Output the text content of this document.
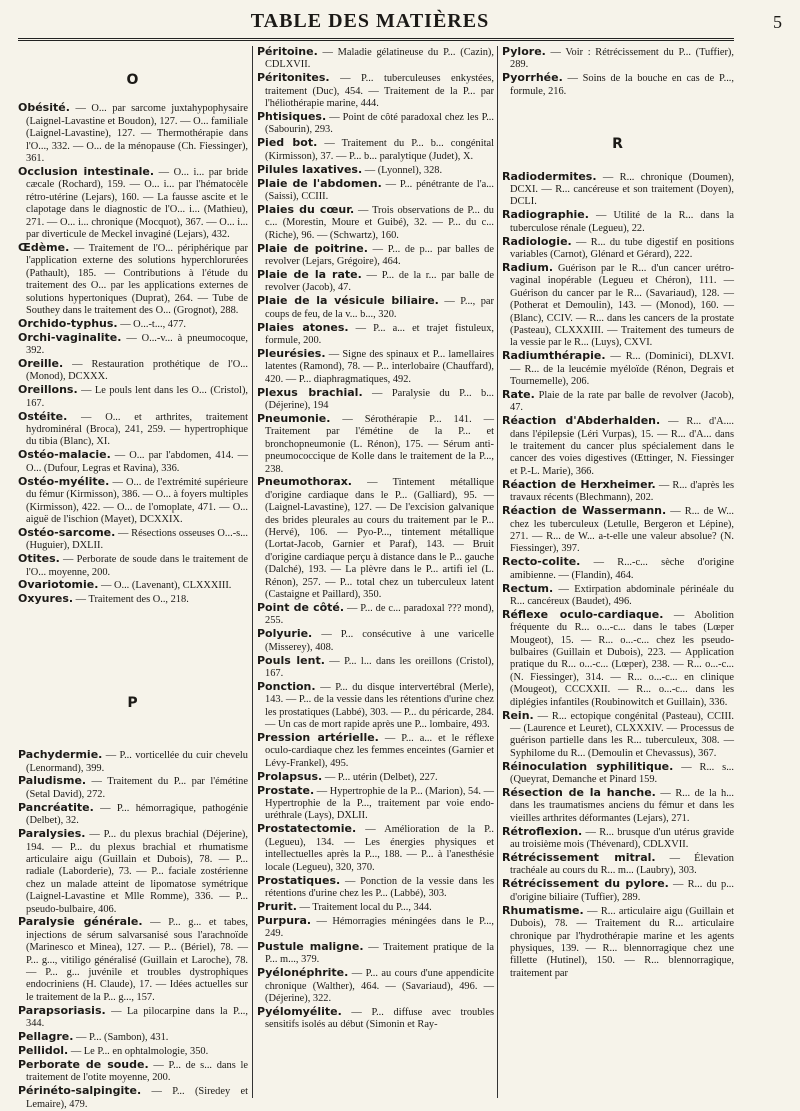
TABLE DES MATIÈRES	5
O
Obésité. — O... par sarcome juxtahypophysaire (Laignel-Lavastine et Boudon), 127. — O... familiale (Laignel-Lavastine), 127. — Thermothérapie dans l'O..., 332. — O... de la ménopause (Ch. Fiessinger), 361.
Occlusion intestinale. — O... i... par bride cæcale (Rochard), 159. — O... i... par l'hématocèle rétro-utérine (Lejars), 160. — La fausse ascite et le clapotage dans le diagnostic de l'O... i... (Mathieu), 271. — O... i... chronique (Mocquot), 367. — O... i... par diverticule de Meckel invaginé (Lejars), 432.
Œdème. — Traitement de l'O... périphérique par l'application externe des solutions hyperchlorurées (Pathault), 185. — Contributions à l'étude du traitement des O... par les applications externes de solutions hypertoniques (Duprat), 264. — Tube de Southey dans le traitement des O... (Grognot), 288.
Orchido-typhus. — O...-t..., 477.
Orchi-vaginalite. — O...-v... à pneumocoque, 392.
Oreille. — Restauration prothétique de l'O... (Monod), DCXXX.
Oreillons. — Le pouls lent dans les O... (Cristol), 167.
Ostéite. — O... et arthrites, traitement hydrominéral (Broca), 241, 259. — hypertrophique du tibia (Blanc), XI.
Ostéo-malacie. — O... par l'abdomen, 414. — O... (Dufour, Legras et Ravina), 336.
Ostéo-myélite. — O... de l'extrémité supérieure du fémur (Kirmisson), 386. — O... à foyers multiples (Kirmisson), 422. — O... de l'omoplate, 471. — O... aiguë de l'ischion (Mayet), DCXXIX.
Ostéo-sarcome. — Résections osseuses O...-s... (Huguier), DXLII.
Otites. — Perborate de soude dans le traitement de l'O... moyenne, 200.
Ovariotomie. — O... (Lavenant), CLXXXIII.
Oxyures. — Traitement des O.., 218.
P
Pachydermie. — P... vorticellée du cuir chevelu (Lenormand), 399.
Paludisme. — Traitement du P... par l'émétine (Setal David), 272.
Pancréatite. — P... hémorragique, pathogénie (Delbet), 32.
Paralysies. — P... du plexus brachial (Déjerine), 194. — P... du plexus brachial et rhumatisme articulaire aigu (Guillain et Dubois), 78. — P... radiale (Laborderie), 73. — P... faciale zostérienne chez un malade atteint de lipomatose symétrique (Laignel-Lavastine et Mlle Romme), 336. — P... pseudo-bulbaire, 406.
Paralysie générale. — P... g... et tabes, injections de sérum salvarsanisé sous l'arachnoïde (Marinesco et Minea), 127. — P... (Bériel), 78. — P... g..., vitiligo généralisé (Guillain et Laroche), 78. — P... g... juvénile et troubles dystrophiques endocriniens (H. Claude), 17. — Idées actuelles sur le traitement de la P... g..., 157.
Parapsoriasis. — La pilocarpine dans la P..., 344.
Pellagre. — P... (Sambon), 431.
Pellidol. — Le P... en ophtalmologie, 350.
Perborate de soude. — P... de s... dans le traitement de l'otite moyenne, 200.
Périnéto-salpingite. — P... (Siredey et Lemaire), 479.
Péritoine. — Maladie gélatineuse du P... (Cazin), CDLXVII.
Péritonites. — P... tuberculeuses enkystées, traitement (Duc), 454. — Traitement de la P... par l'héliothérapie marine, 444.
Phtisiques. — Point de côté paradoxal chez les P... (Sabourin), 293.
Pied bot. — Traitement du P... b... congénital (Kirmisson), 37. — P... b... paralytique (Judet), X.
Pilules laxatives. — (Lyonnel), 328.
Plaie de l'abdomen. — P... pénétrante de l'a... (Saissi), CCIII.
Plaies du cœur. — Trois observations de P... du c... (Morestin, Moure et Guibé), 32. — P... du c... (Riche), 96. — (Schwartz), 160.
Plaie de poitrine. — P... de p... par balles de revolver (Lejars, Grégoire), 464.
Plaie de la rate. — P... de la r... par balle de revolver (Jacob), 47.
Plaie de la vésicule biliaire. — P..., par coups de feu, de la v... b..., 320.
Plaies atones. — P... a... et trajet fistuleux, formule, 200.
Pleurésies. — Signe des spinaux et P... lamellaires latentes (Ramond), 78. — P... interlobaire (Chauffard), 420. — P... diaphragmatiques, 492.
Plexus brachial. — Paralysie du P... b... (Déjerine), 194
Pneumonie. — Sérothérapie P... 141. — Traitement par l'émétine de la P... et bronchopneumonie (L. Rénon), 175. — Sérum anti-pneumococcique de Kolle dans le traitement de la P..., 238.
Pneumothorax. — Tintement métallique d'origine cardiaque dans le P... (Galliard), 95. — (Laignel-Lavastine), 127. — De l'excision galvanique des brides pleurales au cours du traitement par le P... (Hervé), 106. — Pyo-P..., tintement métallique (Lortat-Jacob, Garnier et Paraf), 143. — Bruit d'origine cardiaque perçu à distance dans le P... gauche (Dalché), 193. — La plèvre dans le P... artifi iel (L. Rénon), 257. — P... total chez un tuberculeux latent (Castaigne et Paillard), 350.
Point de côté. — P... de c... paradoxal ??? mond), 255.
Polyurie. — P... consécutive à une varicelle (Misserey), 408.
Pouls lent. — P... l... dans les oreillons (Cristol), 167.
Ponction. — P... du disque intervertébral (Merle), 143. — P... de la vessie dans les rétentions d'urine chez les prostatiques (Labbé), 303. — P... du péricarde, 284. — Un cas de mort rapide après une P... lombaire, 493.
Pression artérielle. — P... a... et le réflexe oculo-cardiaque chez les femmes enceintes (Garnier et Lévy-Frankel), 495.
Prolapsus. — P... utérin (Delbet), 227.
Prostate. — Hypertrophie de la P... (Marion), 54. — Hypertrophie de la P..., traitement par voie endo-uréthrale (Lays), DXLII.
Prostatectomie. — Amélioration de la P.. (Legueu), 134. — Les énergies physiques et intellectuelles après la P..., 188. — P... à l'anesthésie locale (Legueu), 320, 370.
Prostatiques. — Ponction de la vessie dans les rétentions d'urine chez les P... (Labbé), 303.
Prurit. — Traitement local du P..., 344.
Purpura. — Hémorragies méningées dans le P..., 249.
Pustule maligne. — Traitement pratique de la P... m..., 379.
Pyélonéphrite. — P... au cours d'une appendicite chronique (Walther), 464. — (Savariaud), 496. — (Déjerine), 322.
Pyélomyélite. — P... diffuse avec troubles sensitifs isolés au début (Simonin et Ray-
Pylore. — Voir : Rétrécissement du P... (Tuffier), 289.
Pyorrhée. — Soins de la bouche en cas de P..., formule, 216.
R
Radiodermites. — R... chronique (Doumen), DCXI. — R... cancéreuse et son traitement (Doyen), DCLI.
Radiographie. — Utilité de la R... dans la tuberculose rénale (Legueu), 22.
Radiologie. — R... du tube digestif en positions variables (Carnot), Glénard et Gérard), 222.
Radium. Guérison par le R... d'un cancer urétro-vaginal inopérable (Legueu et Chéron), 111. — Guérison du cancer par le R... (Savariaud), 128. — (Potherat et Demoulin), 143. — (Monod), 160. — (Blanc), CCIV. — R... dans les cancers de la prostate (Pasteau), CLXXXIII. — Traitement des tumeurs de la vessie par le R... (Luys), CXVI.
Radiumthérapie. — R... (Dominici), DLXVI. — R... de la leucémie myéloïde (Rénon, Degrais et Tournemelle), 206.
Rate. Plaie de la rate par balle de revolver (Jacob), 47.
Réaction d'Abderhalden. — R... d'A.... dans l'épilepsie (Léri Vurpas), 15. — R... d'A... dans le traitement du cancer plus spécialement dans le cancer des voies digestives (Œttinger, N. Fiessinger et P.-L. Marie), 366.
Réaction de Herxheimer. — R... d'après les travaux récents (Blechmann), 202.
Réaction de Wassermann. — R... de W... chez les tuberculeux (Letulle, Bergeron et Lépine), 271. — R... de W... a-t-elle une valeur absolue? (N. Fiessinger), 397.
Recto-colite. — R...-c... sèche d'origine amibienne. — (Flandin), 464.
Rectum. — Extirpation abdominale périnéale du R... cancéreux (Baudet), 496.
Réflexe oculo-cardiaque. — Abolition fréquente du R... o...-c... dans le tabes (Lœper Mougeot), 15. — R... o...-c... chez les pseudo-bulbaires (Guillain et Dubois), 223. — Application pratique du R... o...-c... (Lœper), 238. — R... o...-c... (N. Fiessinger), 314. — R... o...-c... en clinique (Mougeot), CCCXXII. — R... o...-c... dans les diplégies infantiles (Roubinowitch et Guillain), 336.
Rein. — R... ectopique congénital (Pasteau), CCIII. — (Laurence et Leuret), CLXXXIV. — Processus de guérison partielle dans les R... tuberculeux, 308. — Syphilome du R... (Demoulin et Chevassus), 367.
Réinoculation syphilitique. — R... s... (Queyrat, Demanche et Pinard 159.
Résection de la hanche. — R... de la h... dans les traumatismes anciens du fémur et dans les vieilles arthrites déformantes (Lejars), 271.
Rétroflexion. — R... brusque d'un utérus gravide au troisième mois (Thévenard), CDLXVII.
Rétrécissement mitral. — Élevation trachéale au cours du R... m... (Laubry), 303.
Rétrécissement du pylore. — R... du p... d'origine biliaire (Tuffier), 289.
Rhumatisme. — R... articulaire aigu (Guillain et Dubois), 78. — Traitement du R... articulaire chronique par l'hydrothérapie marine et les agents physiques, 139. — R... blennorragique chez une fillette (Hutinel), 150. — R... blennorragique, traitement par
